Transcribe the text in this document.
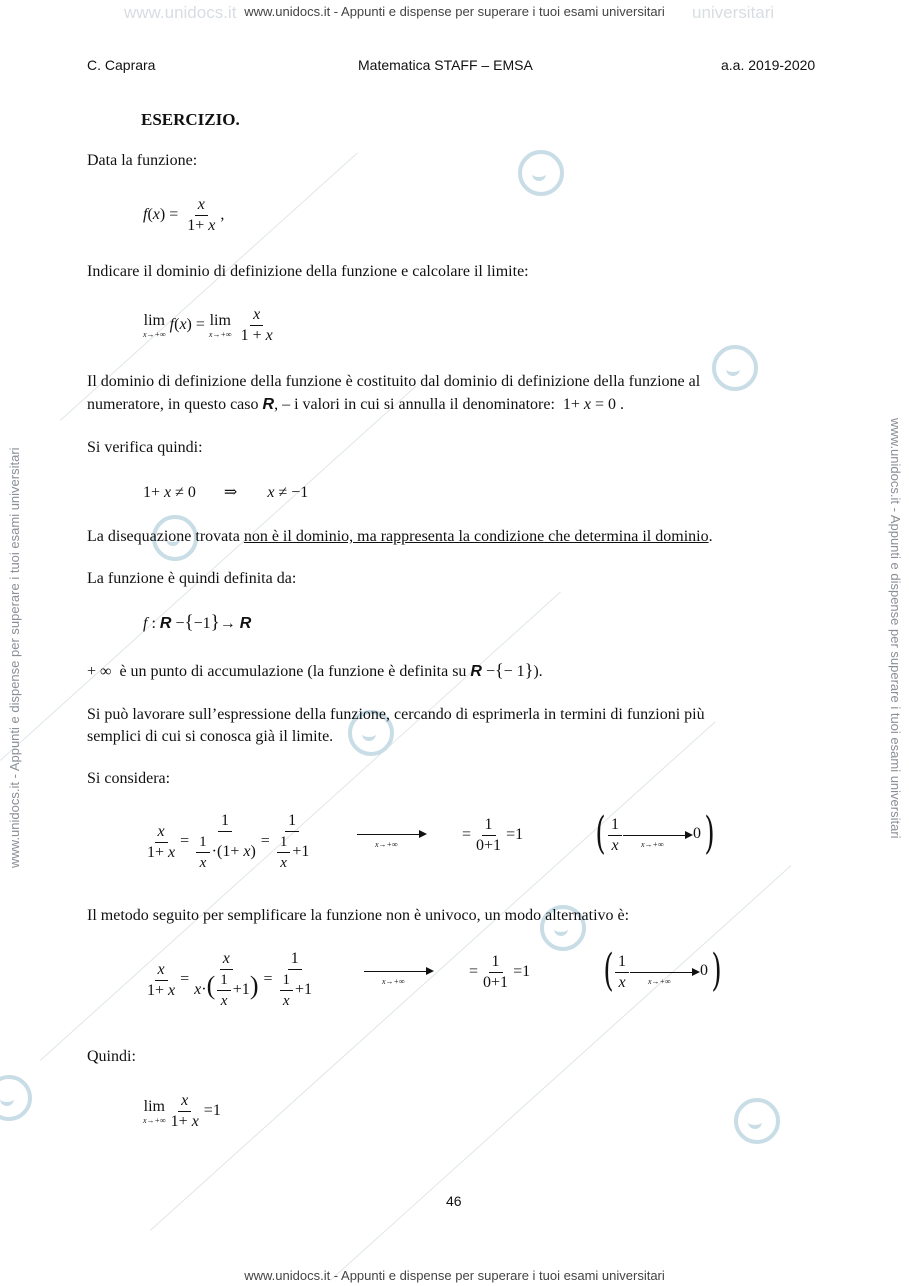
www.unidocs.it	universitari
www.unidocs.it - Appunti e dispense per superare i tuoi esami universitari
www.unidocs.it - Appunti e dispense per superare i tuoi esami universitari
www.unidocs.it - Appunti e dispense per superare i tuoi esami universitari	www.unidocs.it - Appunti e dispense per superare i tuoi esami universitari
C. Caprara	Matematica STAFF – EMSA	a.a. 2019-2020
ESERCIZIO.
Data la funzione:
$f(x) = \frac{x}{1+ x}$ ,
Indicare il dominio di definizione della funzione e calcolare il limite:
lim
x→+∞
f(x) = lim
x→+∞
$\frac{x}{1 + x}$
Il dominio di definizione della funzione è costituito dal dominio di definizione della funzione al
numeratore, in questo caso R, – i valori in cui si annulla il denominatore:  1+ x = 0 .
Si verifica quindi:
1+ x ≠ 0 ⇒ x ≠ −1
La disequazione trovata non è il dominio, ma rappresenta la condizione che determina il dominio.
La funzione è quindi definita da:
f : R −{−1}→ R
+ ∞  è un punto di accumulazione (la funzione è definita su R −{− 1}).
Si può lavorare sull’espressione della funzione, cercando di esprimerla in termini di funzioni più
semplici di cui si conosca già il limite.
Si considera:
$\frac{x}{1+ x} = \frac{1}{\frac{1}{x} \cdot(1+ x)} = \frac{1}{\frac{1}{x} +1}$	x→+∞
= $\frac{1}{0+1} =1$ ( $\frac{1}{x} x\to+\infty$
0 )
Il metodo seguito per semplificare la funzione non è univoco, un modo alternativo è:
$\frac{x}{1+ x} = \frac{x}{x\cdot( \frac{1}{x} +1)} = \frac{1}{\frac{1}{x} +1}$	x→+∞
= $\frac{1}{0+1} =1$ ( $\frac{1}{x} x\to+\infty$
0 )
Quindi:
lim
$x\to+\infty \frac{x}{1+ x} =1$
46
